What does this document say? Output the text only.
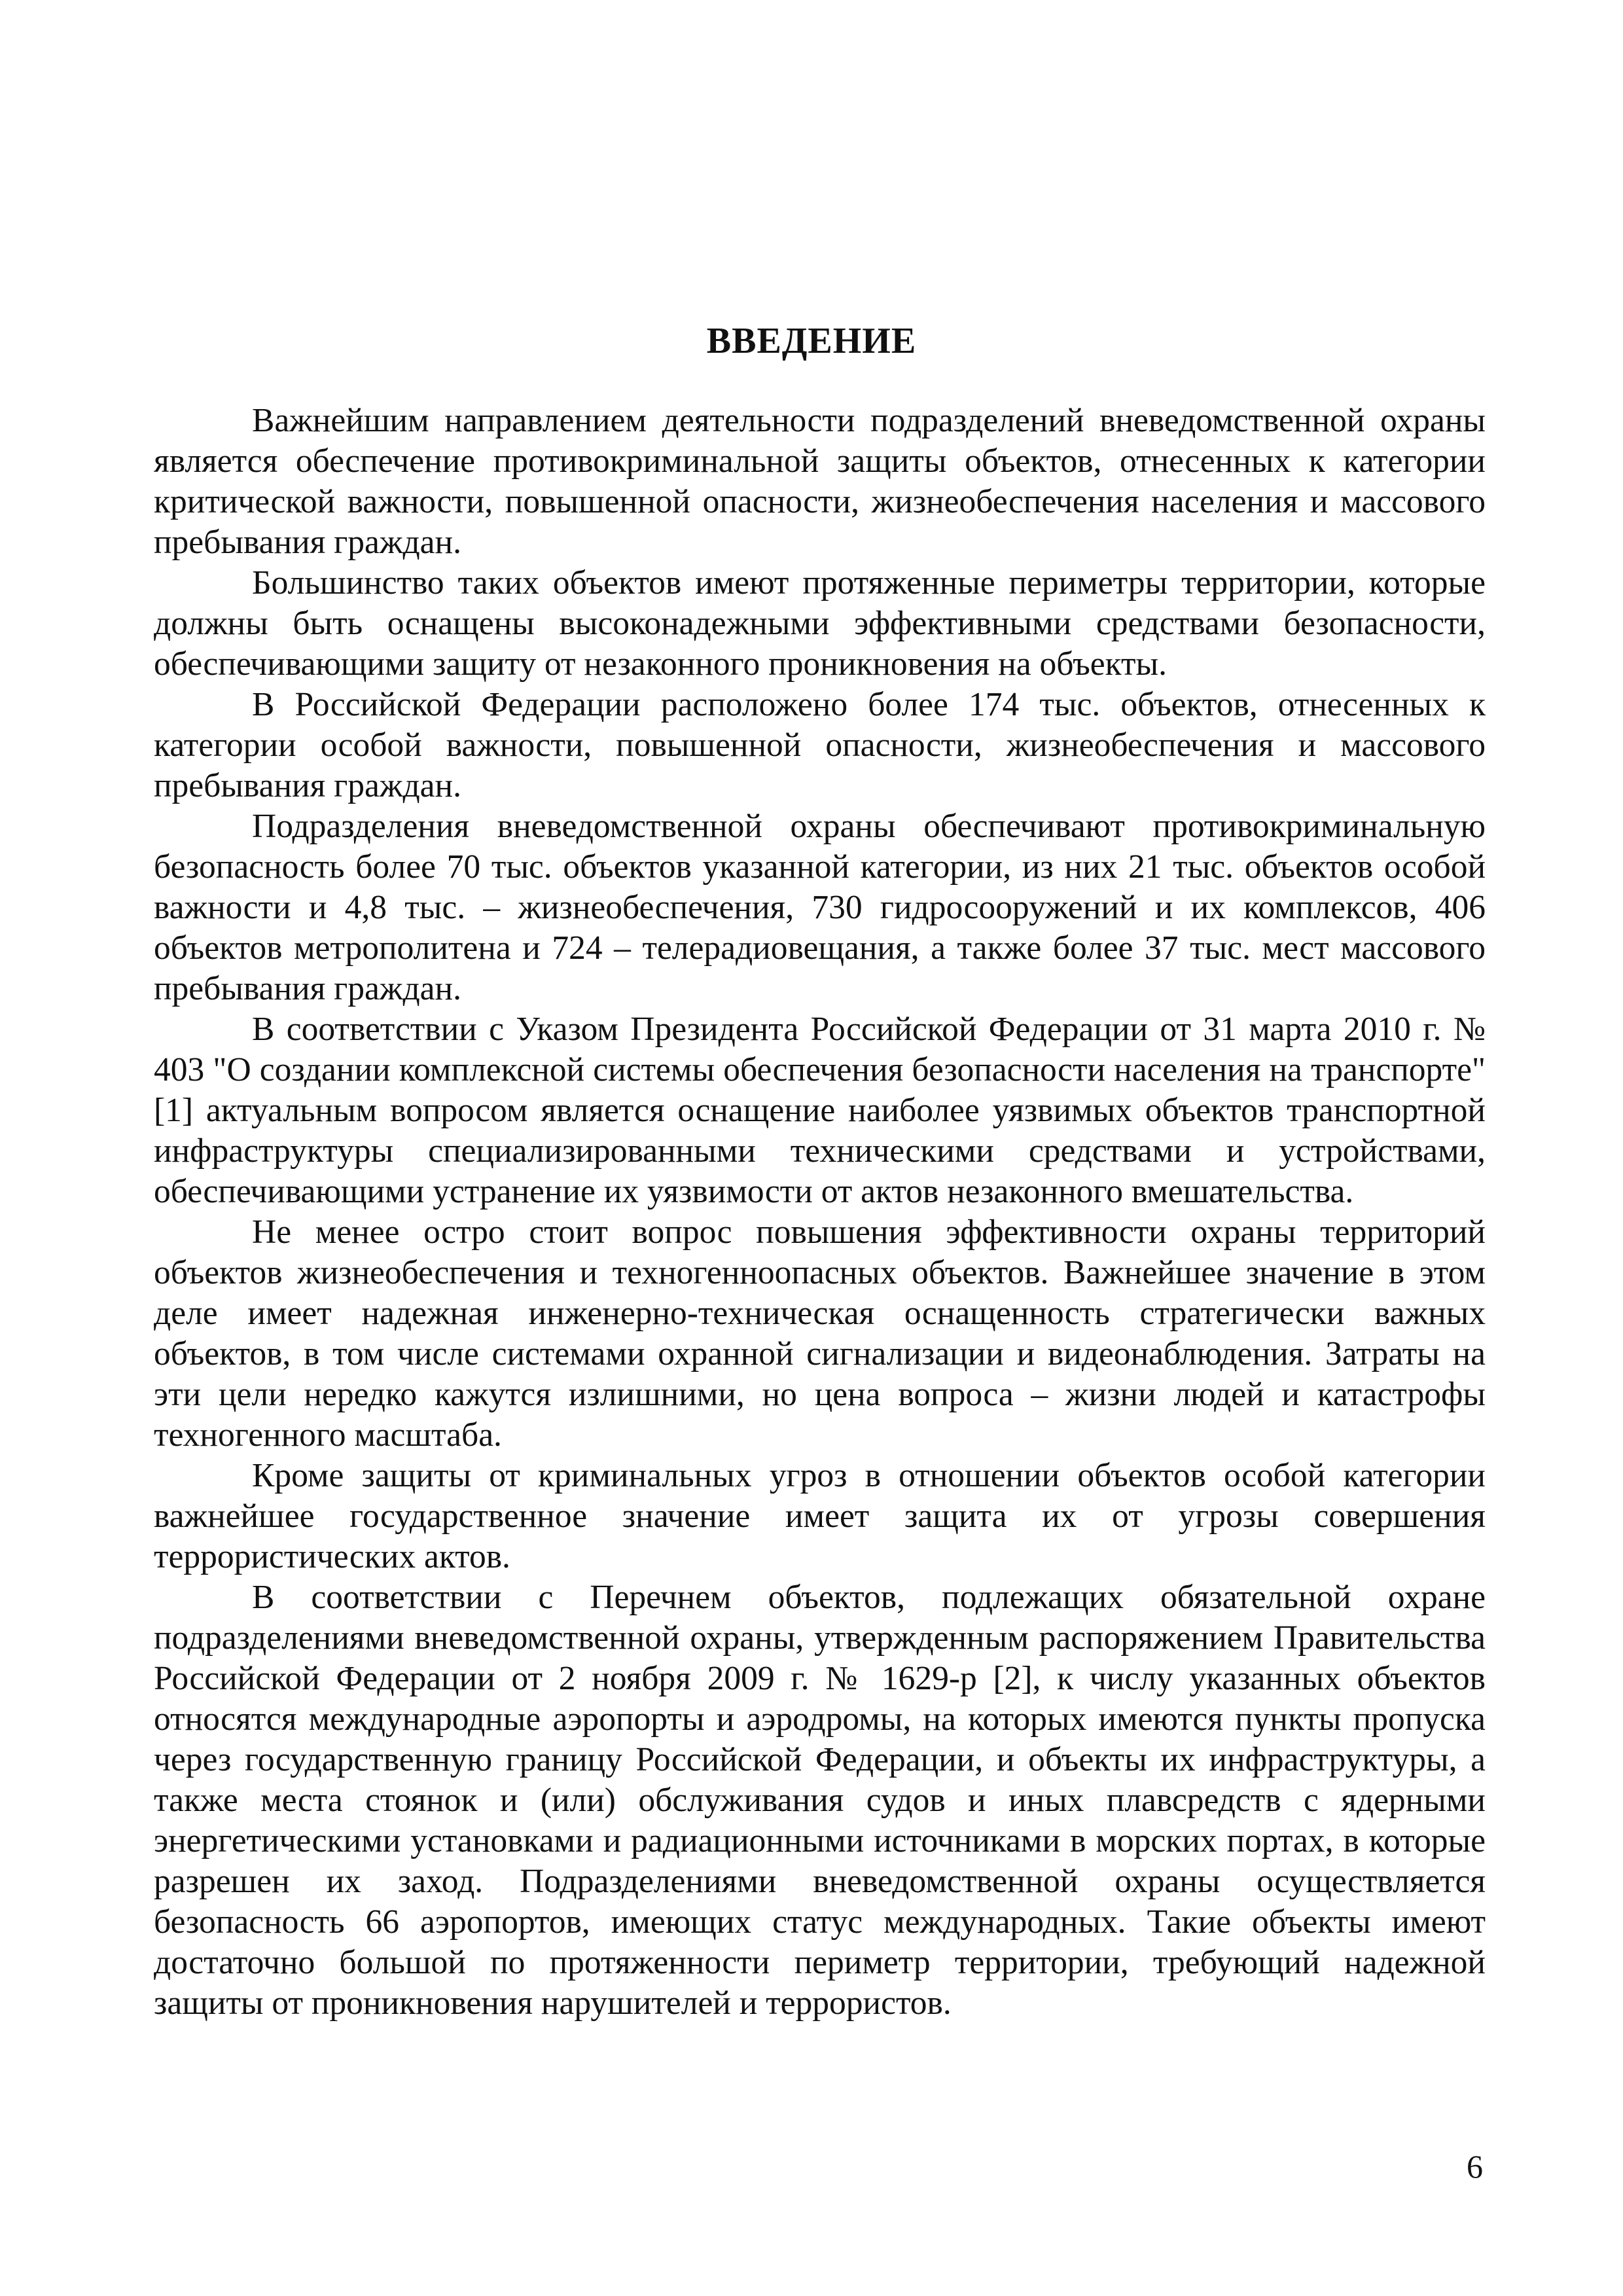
ВВЕДЕНИЕ

Важнейшим направлением деятельности подразделений вневедомственной охраны является обеспечение противокриминальной защиты объектов, отнесенных к категории критической важности, повышенной опасности, жизнеобеспечения населения и массового пребывания граждан.

Большинство таких объектов имеют протяженные периметры территории, которые должны быть оснащены высоконадежными эффективными средствами безопасности, обеспечивающими защиту от незаконного проникновения на объекты.

В Российской Федерации расположено более 174 тыс. объектов, отнесенных к категории особой важности, повышенной опасности, жизнеобеспечения и массового пребывания граждан.

Подразделения вневедомственной охраны обеспечивают противокриминальную безопасность более 70 тыс. объектов указанной категории, из них 21 тыс. объектов особой важности и 4,8 тыс. – жизнеобеспечения, 730 гидросооружений и их комплексов, 406 объектов метрополитена и 724 – телерадиовещания, а также более 37 тыс. мест массового пребывания граждан.

В соответствии с Указом Президента Российской Федерации от 31 марта 2010 г. № 403 "О создании комплексной системы обеспечения безопасности населения на транспорте" [1] актуальным вопросом является оснащение наиболее уязвимых объектов транспортной инфраструктуры специализированными техническими средствами и устройствами, обеспечивающими устранение их уязвимости от актов незаконного вмешательства.

Не менее остро стоит вопрос повышения эффективности охраны территорий объектов жизнеобеспечения и техногенноопасных объектов. Важнейшее значение в этом деле имеет надежная инженерно-техническая оснащенность стратегически важных объектов, в том числе системами охранной сигнализации и видеонаблюдения. Затраты на эти цели нередко кажутся излишними, но цена вопроса – жизни людей и катастрофы техногенного масштаба.

Кроме защиты от криминальных угроз в отношении объектов особой категории важнейшее государственное значение имеет защита их от угрозы совершения террористических актов.

В соответствии с Перечнем объектов, подлежащих обязательной охране подразделениями вневедомственной охраны, утвержденным распоряжением Правительства Российской Федерации от 2 ноября 2009 г. № 1629-р [2], к числу указанных объектов относятся международные аэропорты и аэродромы, на которых имеются пункты пропуска через государственную границу Российской Федерации, и объекты их инфраструктуры, а также места стоянок и (или) обслуживания судов и иных плавсредств с ядерными энергетическими установками и радиационными источниками в морских портах, в которые разрешен их заход. Подразделениями вневедомственной охраны осуществляется безопасность 66 аэропортов, имеющих статус международных. Такие объекты имеют достаточно большой по протяженности периметр территории, требующий надежной защиты от проникновения нарушителей и террористов.

6
